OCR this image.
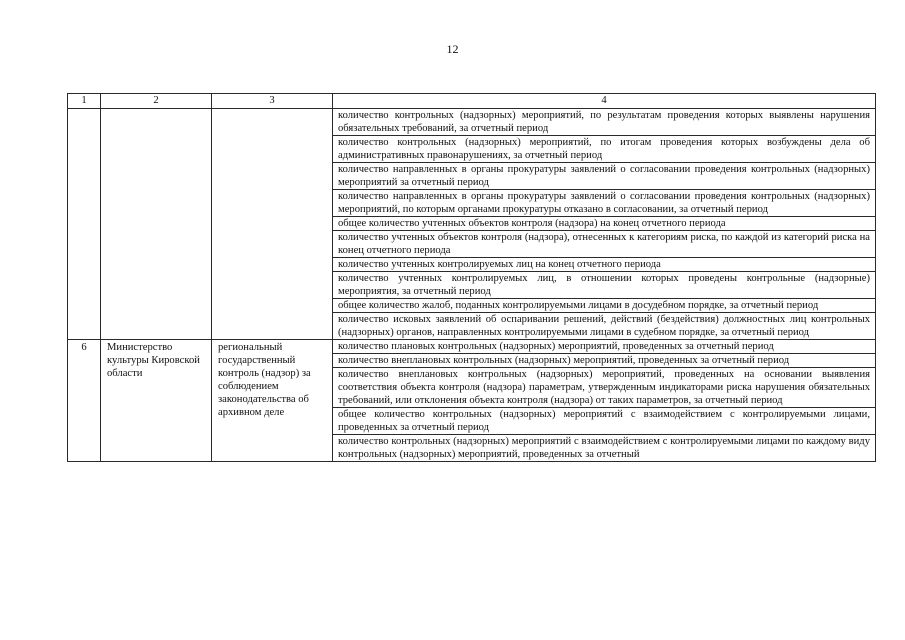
12
1	2	3	4
			количество контрольных (надзорных) мероприятий, по результатам проведения которых выявлены нарушения обязательных требований, за отчетный период
			количество контрольных (надзорных) мероприятий, по итогам проведения которых возбуждены дела об административных правонарушениях, за отчетный период
			количество направленных в органы прокуратуры заявлений о согласовании проведения контрольных (надзорных) мероприятий за отчетный период
			количество направленных в органы прокуратуры заявлений о согласовании проведения контрольных (надзорных) мероприятий, по которым органами прокуратуры отказано в согласовании, за отчетный период
			общее количество учтенных объектов контроля (надзора) на конец отчетного периода
			количество учтенных объектов контроля (надзора), отнесенных к категориям риска, по каждой из категорий риска на конец отчетного периода
			количество учтенных контролируемых лиц на конец отчетного периода
			количество учтенных контролируемых лиц, в отношении которых проведены контрольные (надзорные) мероприятия, за отчетный период
			общее количество жалоб, поданных контролируемыми лицами в досудебном порядке, за отчетный период
			количество исковых заявлений об оспаривании решений, действий (бездействия) должностных лиц контрольных (надзорных) органов, направленных контролируемыми лицами в судебном порядке, за отчетный период
6	Министерство культуры Кировской области	региональный государственный контроль (надзор) за соблюдением законодательства об архивном деле	количество плановых контрольных (надзорных) мероприятий, проведенных за отчетный период
			количество внеплановых контрольных (надзорных) мероприятий, проведенных за отчетный период
			количество внеплановых контрольных (надзорных) мероприятий, проведенных на основании выявления соответствия объекта контроля (надзора) параметрам, утвержденным индикаторами риска нарушения обязательных требований, или отклонения объекта контроля (надзора) от таких параметров, за отчетный период
			общее количество контрольных (надзорных) мероприятий с взаимодействием с контролируемыми лицами, проведенных за отчетный период
			количество контрольных (надзорных) мероприятий с взаимодействием с контролируемыми лицами по каждому виду контрольных (надзорных) мероприятий, проведенных за отчетный
